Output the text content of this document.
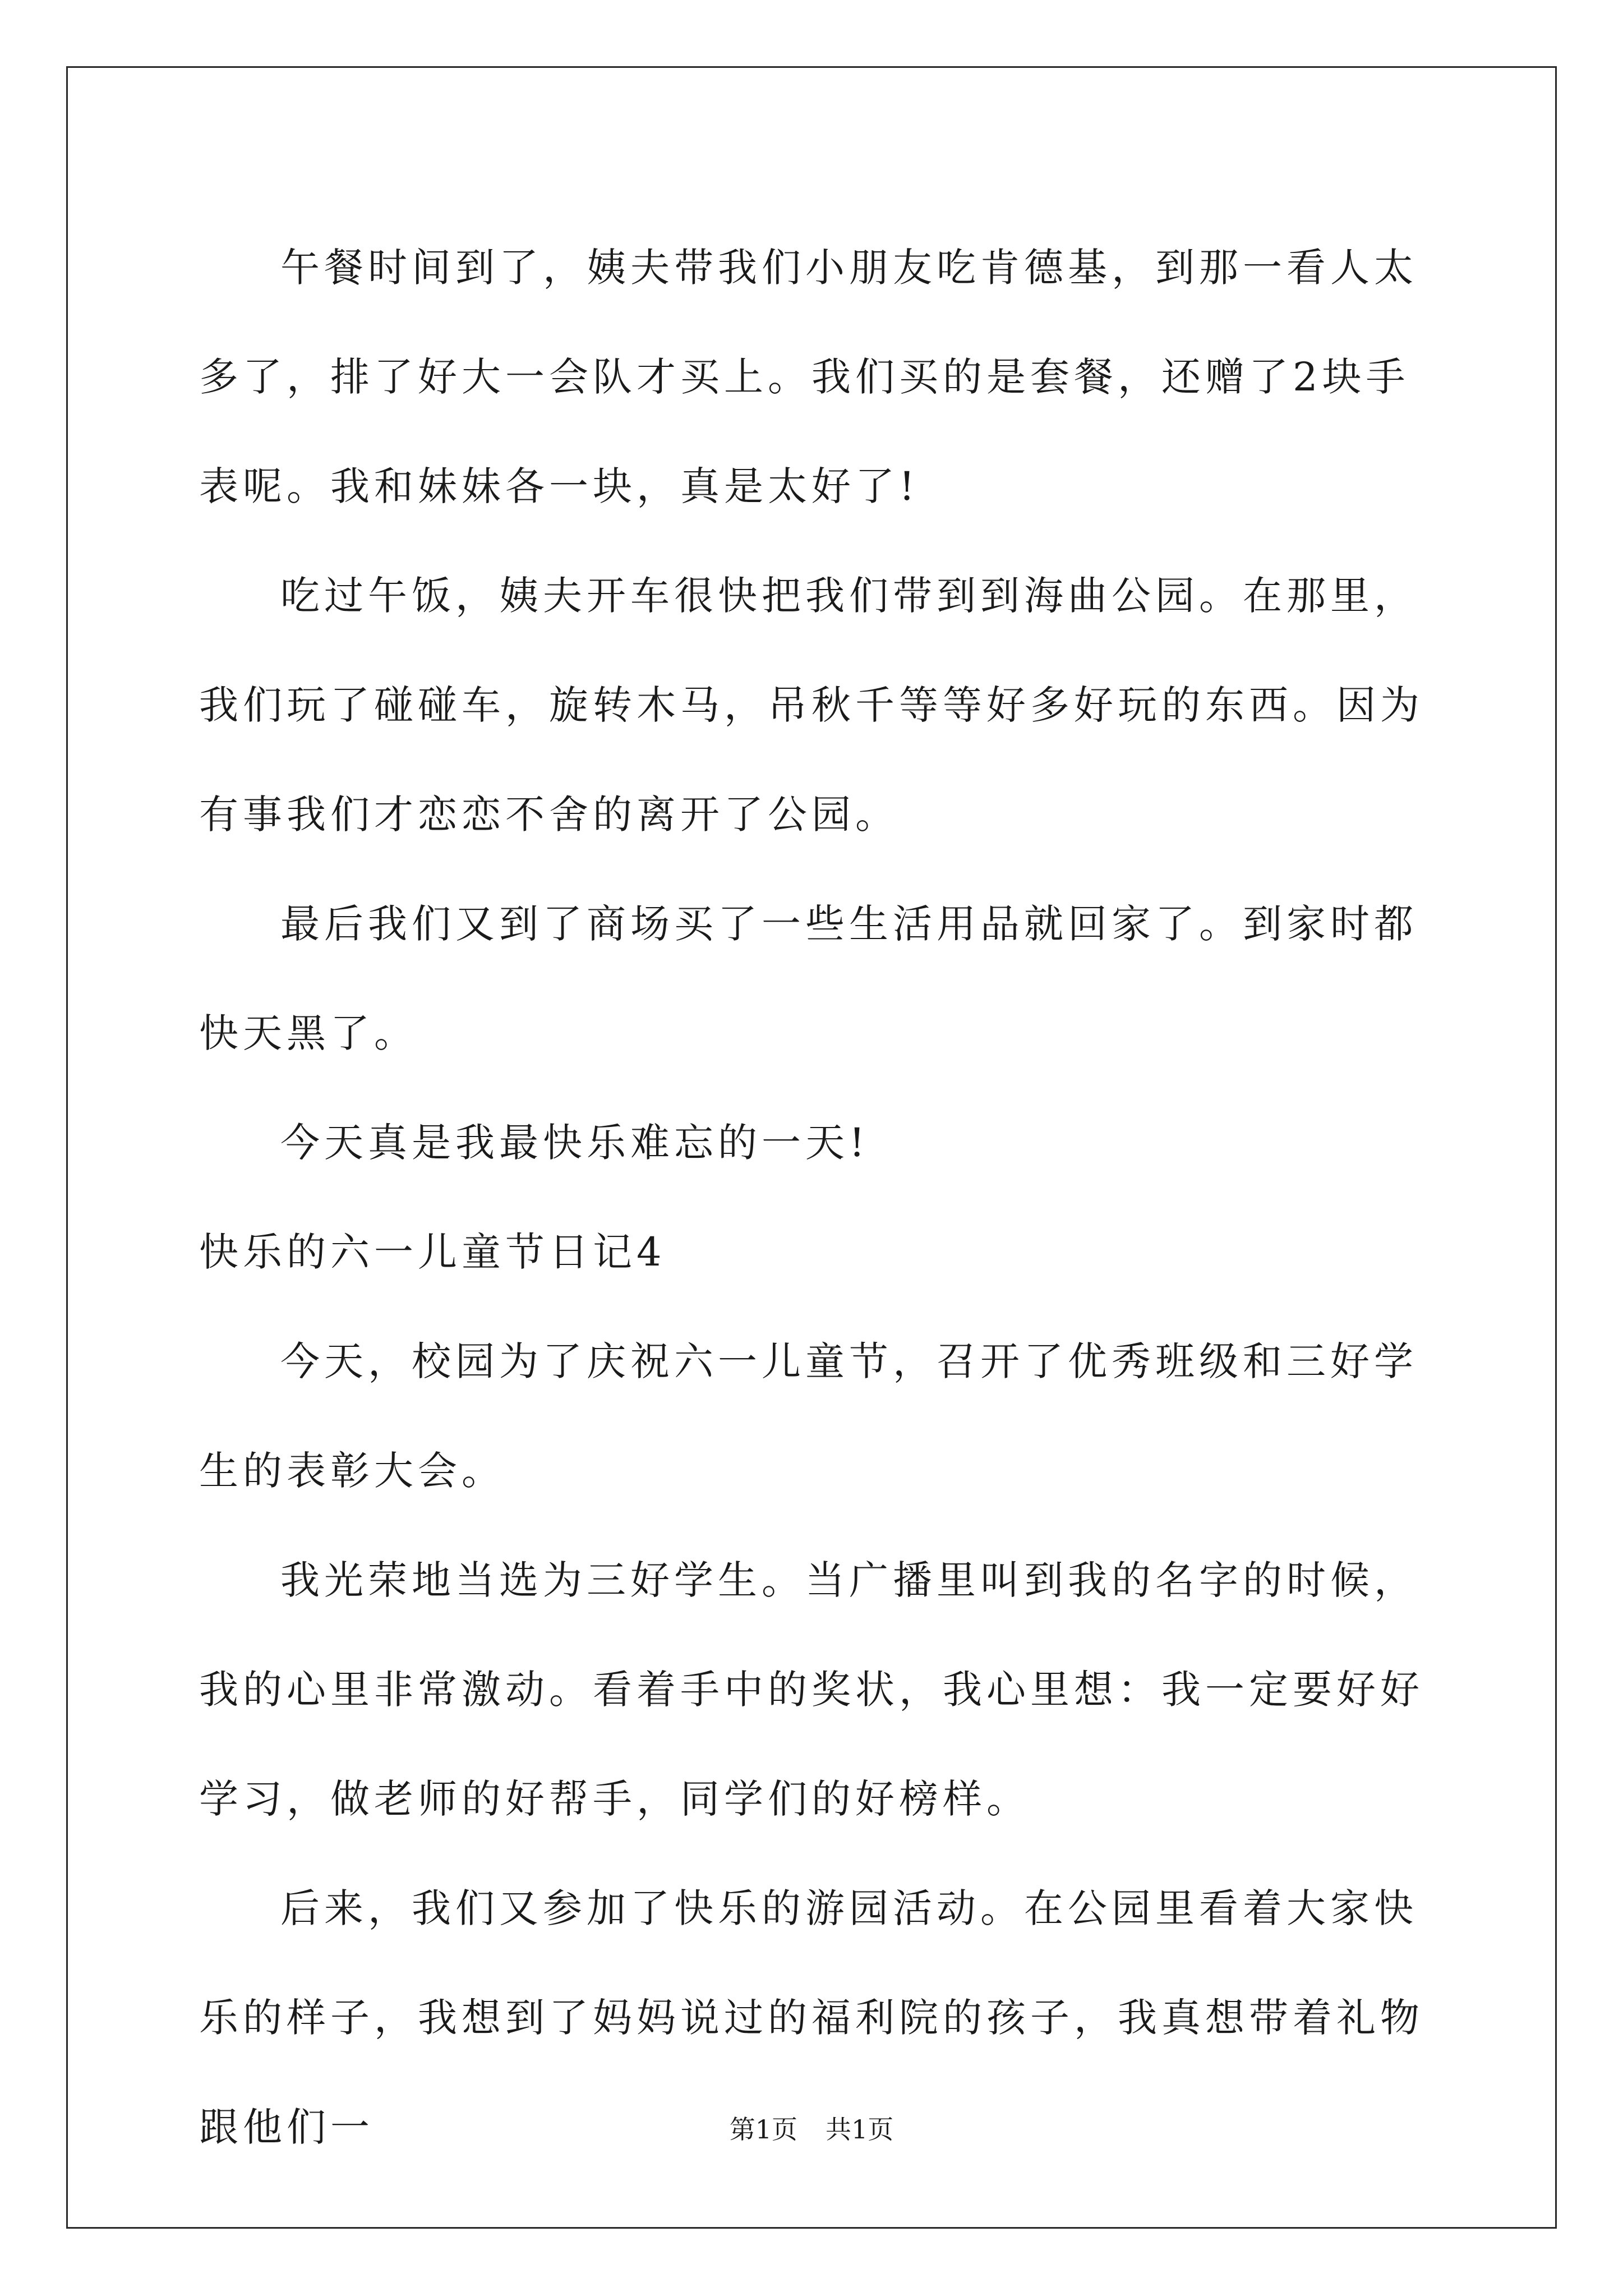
午餐时间到了，姨夫带我们小朋友吃肯德基，到那一看人太多了，排了好大一会队才买上。我们买的是套餐，还赠了2块手表呢。我和妹妹各一块，真是太好了!

吃过午饭，姨夫开车很快把我们带到到海曲公园。在那里，我们玩了碰碰车，旋转木马，吊秋千等等好多好玩的东西。因为有事我们才恋恋不舍的离开了公园。

最后我们又到了商场买了一些生活用品就回家了。到家时都快天黑了。

今天真是我最快乐难忘的一天!

快乐的六一儿童节日记4

今天，校园为了庆祝六一儿童节，召开了优秀班级和三好学生的表彰大会。

我光荣地当选为三好学生。当广播里叫到我的名字的时候，我的心里非常激动。看着手中的奖状，我心里想：我一定要好好学习，做老师的好帮手，同学们的好榜样。

后来，我们又参加了快乐的游园活动。在公园里看着大家快乐的样子，我想到了妈妈说过的福利院的孩子，我真想带着礼物跟他们一	第1页 共1页
